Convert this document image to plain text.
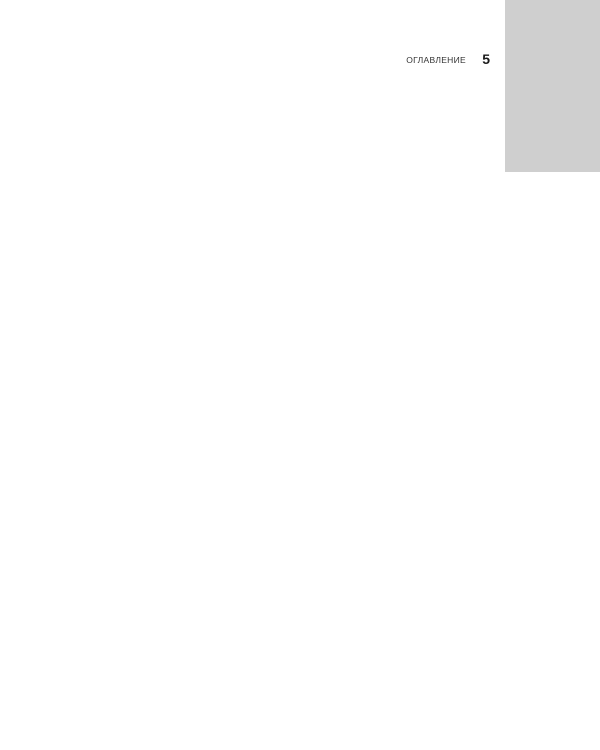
ОГЛАВЛЕНИЕ 5
